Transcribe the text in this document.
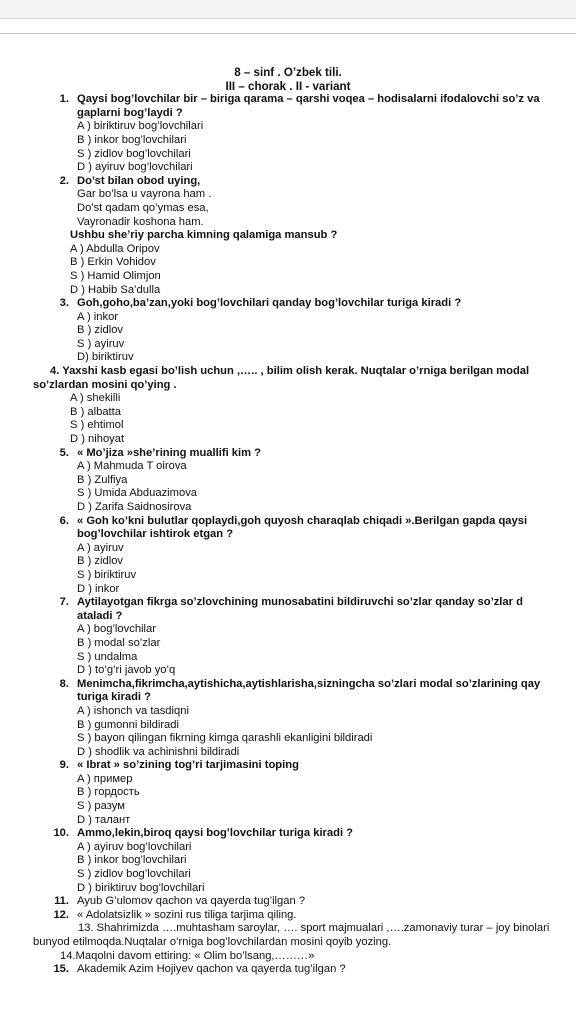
8 – sinf . O’zbek tili.
III – chorak . II - variant
1. Qaysi bog’lovchilar bir – biriga qarama – qarshi voqea – hodisalarni ifodalovchi so’z va
gaplarni bog’laydi ?
A ) biriktiruv bog’lovchilari
B ) inkor bog’lovchilari
S ) zidlov bog’lovchilari
D ) ayiruv bog’lovchilari
2. Do’st bilan obod uying,
Gar bo’lsa u vayrona ham .
Do’st qadam qo’ymas esa,
Vayronadir koshona ham.
Ushbu she’riy parcha kimning qalamiga mansub ?
A ) Abdulla Oripov
B ) Erkin Vohidov
S ) Hamid Olimjon
D ) Habib Sa’dulla
3. Goh,goho,ba’zan,yoki bog’lovchilari qanday bog’lovchilar turiga kiradi ?
A ) inkor
B ) zidlov
S ) ayiruv
D) biriktiruv
4. Yaxshi kasb egasi bo’lish uchun ,….. , bilim olish kerak. Nuqtalar o’rniga berilgan modal
so’zlardan mosini qo’ying .
A ) shekilli
B ) albatta
S ) ehtimol
D ) nihoyat
5. « Mo’jiza »she’rining muallifi kim ?
A ) Mahmuda T oirova
B ) Zulfiya
S ) Umida Abduazimova
D ) Zarifa Saidnosirova
6. « Goh ko’kni bulutlar qoplaydi,goh quyosh charaqlab chiqadi ».Berilgan gapda qaysi
bog’lovchilar ishtirok etgan ?
A ) ayiruv
B ) zidlov
S ) biriktiruv
D ) inkor
7. Aytilayotgan fikrga so’zlovchining munosabatini bildiruvchi so’zlar qanday so’zlar d
ataladi ?
A ) bog’lovchilar
B ) modal so’zlar
S ) undalma
D ) to’g’ri javob yo’q
8. Menimcha,fikrimcha,aytishicha,aytishlarisha,sizningcha so’zlari modal so’zlarining qay
turiga kiradi ?
A ) ishonch va tasdiqni
B ) gumonni bildiradi
S ) bayon qilingan fikrning kimga qarashli ekanligini bildiradi
D ) shodlik va achinishni bildiradi
9. « Ibrat » so’zining tog’ri tarjimasini toping
A ) пример
B ) гордость
S ) разум
D ) талант
10. Ammo,lekin,biroq qaysi bog’lovchilar turiga kiradi ?
A ) ayiruv bog’lovchilari
B ) inkor bog’lovchilari
S ) zidlov bog’lovchilari
D ) biriktiruv bog’lovchilari
11. Ayub G’ulomov qachon va qayerda tug’ilgan ?
12. « Adolatsizlik » sozini rus tiliga tarjima qiling.
13. Shahrimizda ….muhtasham saroylar, …. sport majmualari ,….zamonaviy turar – joy binolari
bunyod etilmoqda.Nuqtalar o’rniga bog’lovchilardan mosini qoyib yozing.
14.Maqolni davom ettiring: « Olim bo’lsang,………»
15. Akademik Azim Hojiyev qachon va qayerda tug’ilgan ?
